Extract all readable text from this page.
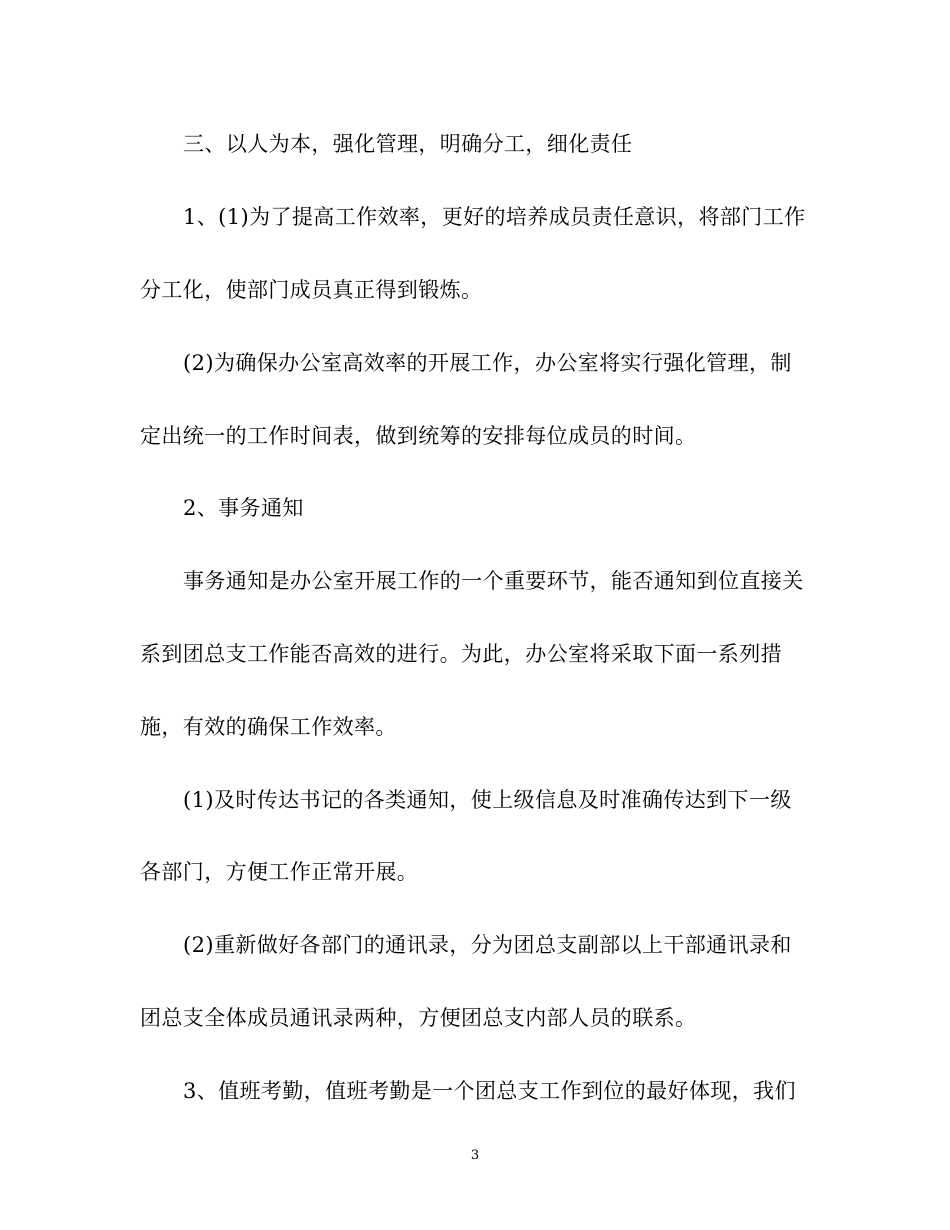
三、以人为本，强化管理，明确分工，细化责任
1、(1)为了提高工作效率，更好的培养成员责任意识，将部门工作
分工化，使部门成员真正得到锻炼。
(2)为确保办公室高效率的开展工作，办公室将实行强化管理，制
定出统一的工作时间表，做到统筹的安排每位成员的时间。
2、事务通知
事务通知是办公室开展工作的一个重要环节，能否通知到位直接关
系到团总支工作能否高效的进行。为此，办公室将采取下面一系列措
施，有效的确保工作效率。
(1)及时传达书记的各类通知，使上级信息及时准确传达到下一级
各部门，方便工作正常开展。
(2)重新做好各部门的通讯录，分为团总支副部以上干部通讯录和
团总支全体成员通讯录两种，方便团总支内部人员的联系。
3、值班考勤，值班考勤是一个团总支工作到位的最好体现，我们
3
